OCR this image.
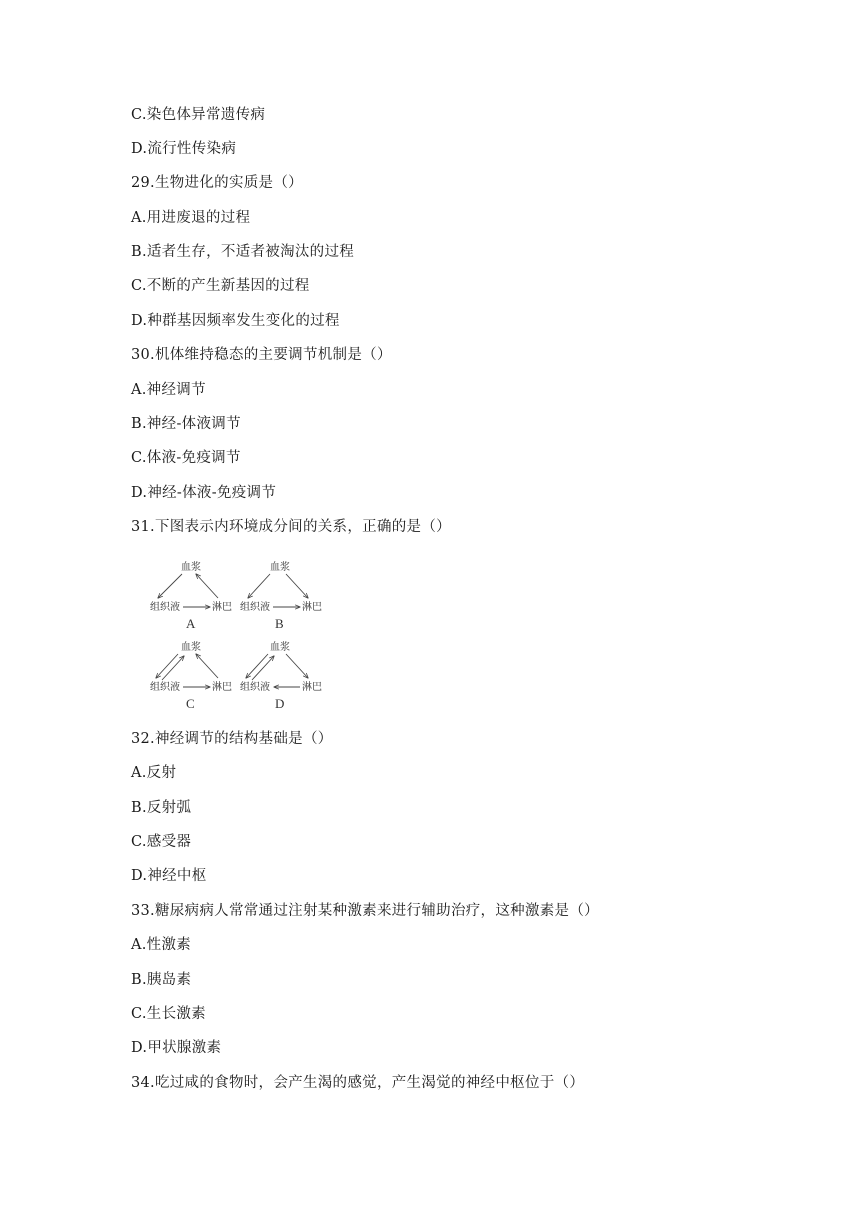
C.染色体异常遗传病
D.流行性传染病
29.生物进化的实质是（）
A.用进废退的过程
B.适者生存，不适者被淘汰的过程
C.不断的产生新基因的过程
D.种群基因频率发生变化的过程
30.机体维持稳态的主要调节机制是（）
A.神经调节
B.神经-体液调节
C.体液-免疫调节
D.神经-体液-免疫调节
31.下图表示内环境成分间的关系，正确的是（）
血浆
组织液	淋巴
A
血浆
组织液	淋巴
B
血浆
组织液	淋巴
C
血浆
组织液	淋巴
D
32.神经调节的结构基础是（）
A.反射
B.反射弧
C.感受器
D.神经中枢
33.糖尿病病人常常通过注射某种激素来进行辅助治疗，这种激素是（）
A.性激素
B.胰岛素
C.生长激素
D.甲状腺激素
34.吃过咸的食物时，会产生渴的感觉，产生渴觉的神经中枢位于（）
